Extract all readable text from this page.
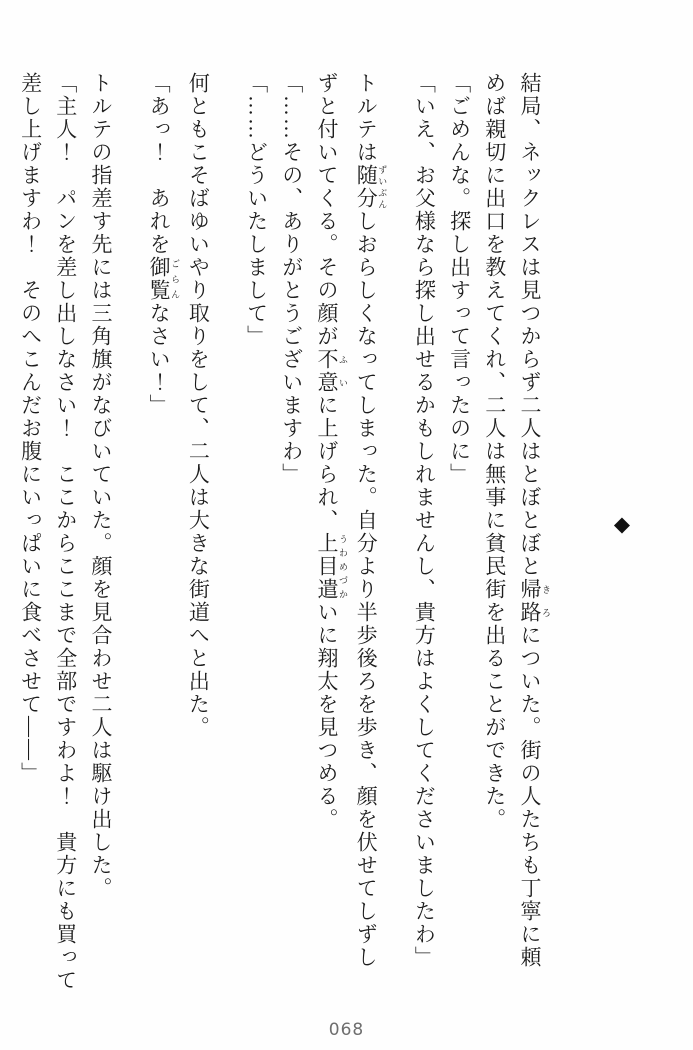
◆
結局、ネックレスは見つからず二人はとぼとぼと帰路 きろについた。街の人たちも丁寧に頼
めば親切に出口を教えてくれ、二人は無事に貧民街を出ることができた。
「ごめんな。探し出すって言ったのに」
「いえ、お父様なら探し出せるかもしれませんし、貴方はよくしてくださいましたわ」
トルテは随分 ずいぶんしおらしくなってしまった。自分より半歩後ろを歩き、顔を伏せてしずし
ずと付いてくる。その顔が不意 ふいに上げられ、上目遣 うわめづかいに翔太を見つめる。
「……その、ありがとうございますわ」
「……どういたしまして」
何ともこそばゆいやり取りをして、二人は大きな街道へと出た。
「あっ！　あれを御覧 ごらんなさい！」
トルテの指差す先には三角旗がなびいていた。顔を見合わせ二人は駆け出した。
「主人！　パンを差し出しなさい！　ここからここまで全部ですわよ！　貴方にも買って
差し上げますわ！　そのへこんだお腹にいっぱいに食べさせて――」
068
